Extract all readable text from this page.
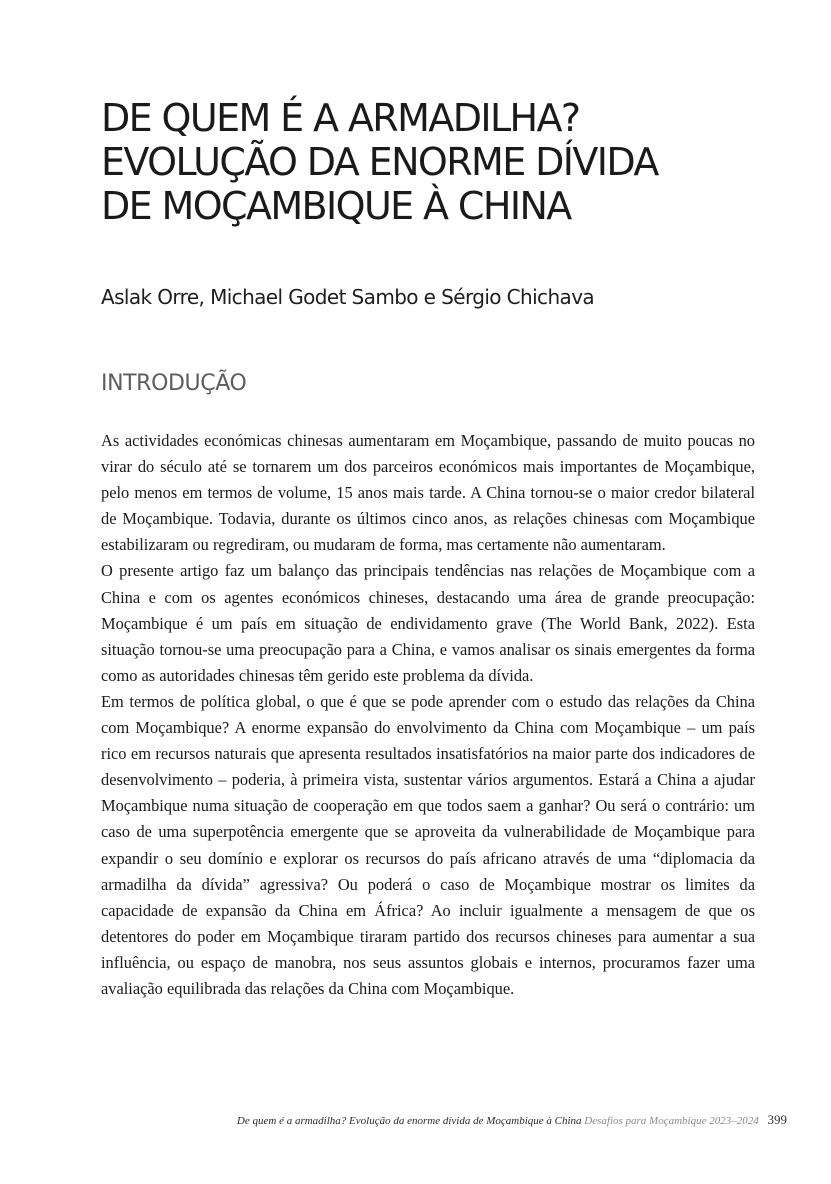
DE QUEM É A ARMADILHA?
EVOLUÇÃO DA ENORME DÍVIDA
DE MOÇAMBIQUE À CHINA

Aslak Orre, Michael Godet Sambo e Sérgio Chichava

INTRODUÇÃO

As actividades económicas chinesas aumentaram em Moçambique, passando de muito poucas no virar do século até se tornarem um dos parceiros económicos mais importantes de Moçambique, pelo menos em termos de volume, 15 anos mais tarde. A China tornou-se o maior credor bilateral de Moçambique. Todavia, durante os últimos cinco anos, as relações chinesas com Moçambique estabilizaram ou regrediram, ou mudaram de forma, mas certamente não aumentaram.

O presente artigo faz um balanço das principais tendências nas relações de Moçambique com a China e com os agentes económicos chineses, destacando uma área de grande preocupação: Moçambique é um país em situação de endividamento grave (The World Bank, 2022). Esta situação tornou-se uma preocupação para a China, e vamos analisar os sinais emergentes da forma como as autoridades chinesas têm gerido este problema da dívida.

Em termos de política global, o que é que se pode aprender com o estudo das relações da China com Moçambique? A enorme expansão do envolvimento da China com Moçambique – um país rico em recursos naturais que apresenta resultados insatisfatórios na maior parte dos indicadores de desenvolvimento – poderia, à primeira vista, sustentar vários argumentos. Estará a China a ajudar Moçambique numa situação de cooperação em que todos saem a ganhar? Ou será o contrário: um caso de uma superpotência emergente que se aproveita da vulnerabilidade de Moçambique para expandir o seu domínio e explorar os recursos do país africano através de uma “diplomacia da armadilha da dívida” agressiva? Ou poderá o caso de Moçambique mostrar os limites da capacidade de expansão da China em África? Ao incluir igualmente a mensagem de que os detentores do poder em Moçambique tiraram partido dos recursos chineses para aumentar a sua influência, ou espaço de manobra, nos seus assuntos globais e internos, procuramos fazer uma avaliação equilibrada das relações da China com Moçambique.

De quem é a armadilha? Evolução da enorme dívida de Moçambique à China Desafios para Moçambique 2023–2024 399
